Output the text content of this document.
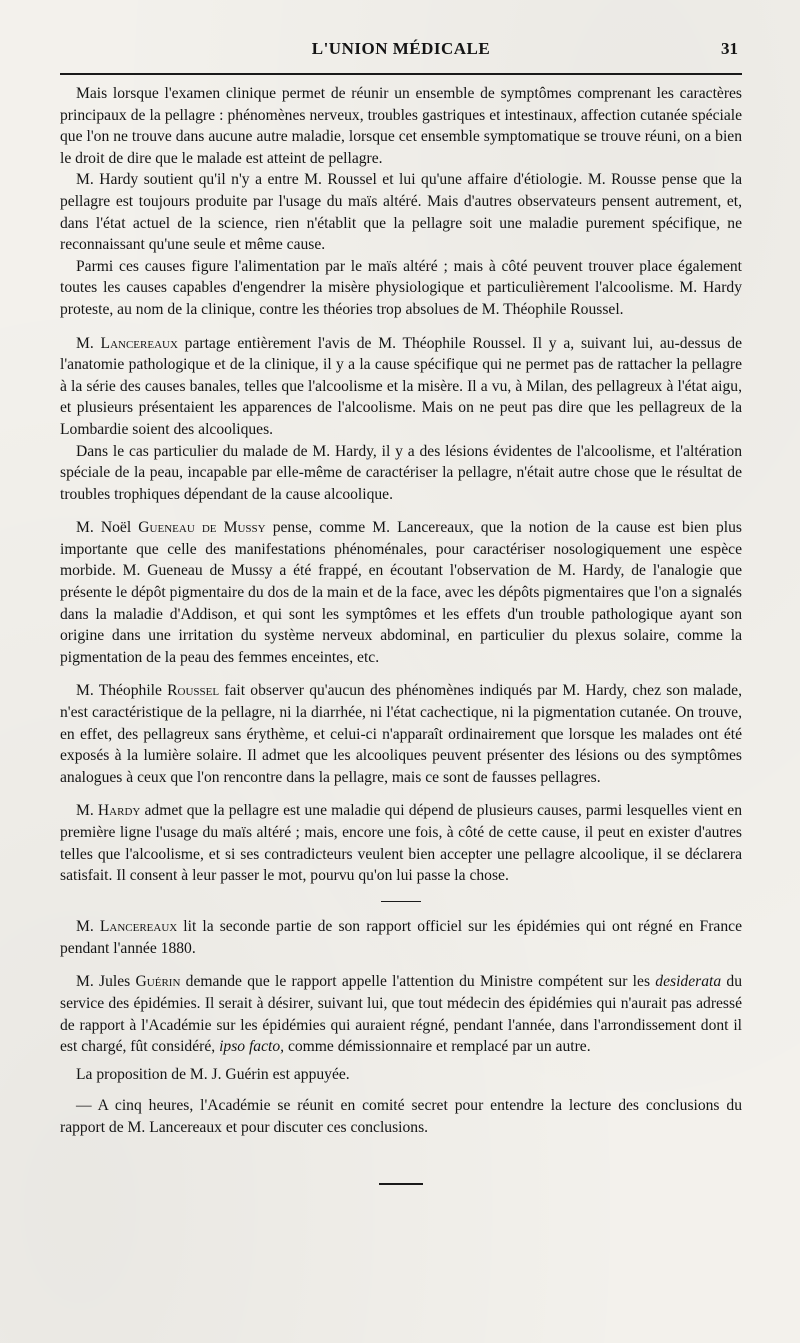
L'UNION MÉDICALE	31

Mais lorsque l'examen clinique permet de réunir un ensemble de symptômes comprenant les caractères principaux de la pellagre : phénomènes nerveux, troubles gastriques et intestinaux, affection cutanée spéciale que l'on ne trouve dans aucune autre maladie, lorsque cet ensemble symptomatique se trouve réuni, on a bien le droit de dire que le malade est atteint de pellagre.

M. Hardy soutient qu'il n'y a entre M. Roussel et lui qu'une affaire d'étiologie. M. Rousse pense que la pellagre est toujours produite par l'usage du maïs altéré. Mais d'autres observateurs pensent autrement, et, dans l'état actuel de la science, rien n'établit que la pellagre soit une maladie purement spécifique, ne reconnaissant qu'une seule et même cause.

Parmi ces causes figure l'alimentation par le maïs altéré ; mais à côté peuvent trouver place également toutes les causes capables d'engendrer la misère physiologique et particulièrement l'alcoolisme. M. Hardy proteste, au nom de la clinique, contre les théories trop absolues de M. Théophile Roussel.

M. Lancereaux partage entièrement l'avis de M. Théophile Roussel. Il y a, suivant lui, au-dessus de l'anatomie pathologique et de la clinique, il y a la cause spécifique qui ne permet pas de rattacher la pellagre à la série des causes banales, telles que l'alcoolisme et la misère. Il a vu, à Milan, des pellagreux à l'état aigu, et plusieurs présentaient les apparences de l'alcoolisme. Mais on ne peut pas dire que les pellagreux de la Lombardie soient des alcooliques.

Dans le cas particulier du malade de M. Hardy, il y a des lésions évidentes de l'alcoolisme, et l'altération spéciale de la peau, incapable par elle-même de caractériser la pellagre, n'était autre chose que le résultat de troubles trophiques dépendant de la cause alcoolique.

M. Noël Gueneau de Mussy pense, comme M. Lancereaux, que la notion de la cause est bien plus importante que celle des manifestations phénoménales, pour caractériser nosologiquement une espèce morbide. M. Gueneau de Mussy a été frappé, en écoutant l'observation de M. Hardy, de l'analogie que présente le dépôt pigmentaire du dos de la main et de la face, avec les dépôts pigmentaires que l'on a signalés dans la maladie d'Addison, et qui sont les symptômes et les effets d'un trouble pathologique ayant son origine dans une irritation du système nerveux abdominal, en particulier du plexus solaire, comme la pigmentation de la peau des femmes enceintes, etc.

M. Théophile Roussel fait observer qu'aucun des phénomènes indiqués par M. Hardy, chez son malade, n'est caractéristique de la pellagre, ni la diarrhée, ni l'état cachectique, ni la pigmentation cutanée. On trouve, en effet, des pellagreux sans érythème, et celui-ci n'apparaît ordinairement que lorsque les malades ont été exposés à la lumière solaire. Il admet que les alcooliques peuvent présenter des lésions ou des symptômes analogues à ceux que l'on rencontre dans la pellagre, mais ce sont de fausses pellagres.

M. Hardy admet que la pellagre est une maladie qui dépend de plusieurs causes, parmi lesquelles vient en première ligne l'usage du maïs altéré ; mais, encore une fois, à côté de cette cause, il peut en exister d'autres telles que l'alcoolisme, et si ses contradicteurs veulent bien accepter une pellagre alcoolique, il se déclarera satisfait. Il consent à leur passer le mot, pourvu qu'on lui passe la chose.

M. Lancereaux lit la seconde partie de son rapport officiel sur les épidémies qui ont régné en France pendant l'année 1880.

M. Jules Guérin demande que le rapport appelle l'attention du Ministre compétent sur les desiderata du service des épidémies. Il serait à désirer, suivant lui, que tout médecin des épidémies qui n'aurait pas adressé de rapport à l'Académie sur les épidémies qui auraient régné, pendant l'année, dans l'arrondissement dont il est chargé, fût considéré, ipso facto, comme démissionnaire et remplacé par un autre.

La proposition de M. J. Guérin est appuyée.

— A cinq heures, l'Académie se réunit en comité secret pour entendre la lecture des conclusions du rapport de M. Lancereaux et pour discuter ces conclusions.
